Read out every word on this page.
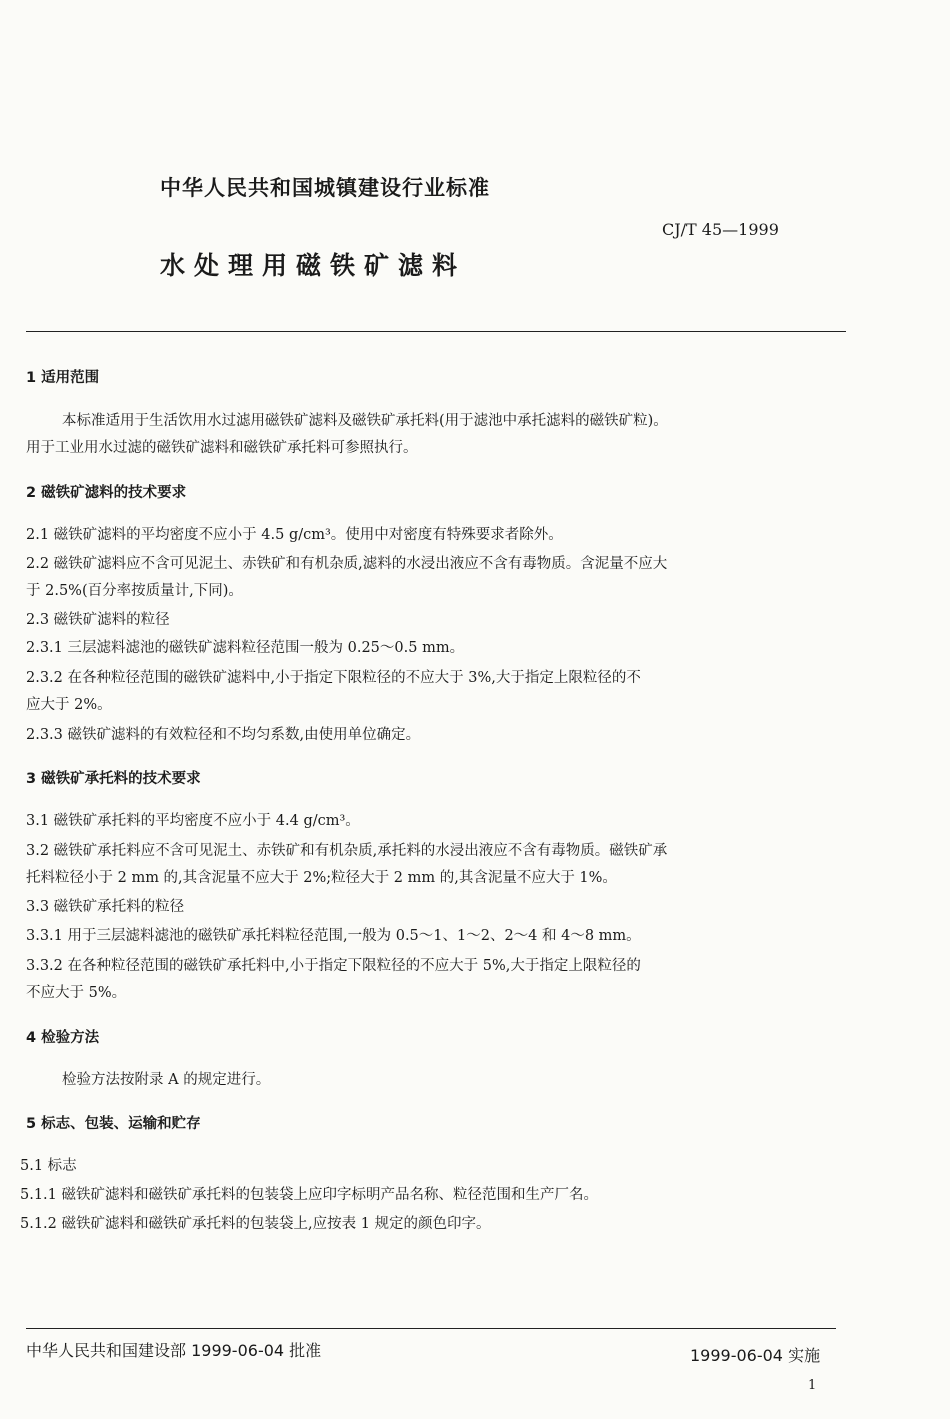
中华人民共和国城镇建设行业标准
CJ/T 45—1999
水处理用磁铁矿滤料
1 适用范围
本标准适用于生活饮用水过滤用磁铁矿滤料及磁铁矿承托料(用于滤池中承托滤料的磁铁矿粒)。
用于工业用水过滤的磁铁矿滤料和磁铁矿承托料可参照执行。
2 磁铁矿滤料的技术要求
2.1 磁铁矿滤料的平均密度不应小于 4.5 g/cm³。使用中对密度有特殊要求者除外。
2.2 磁铁矿滤料应不含可见泥土、赤铁矿和有机杂质,滤料的水浸出液应不含有毒物质。含泥量不应大
于 2.5%(百分率按质量计,下同)。
2.3 磁铁矿滤料的粒径
2.3.1 三层滤料滤池的磁铁矿滤料粒径范围一般为 0.25～0.5 mm。
2.3.2 在各种粒径范围的磁铁矿滤料中,小于指定下限粒径的不应大于 3%,大于指定上限粒径的不
应大于 2%。
2.3.3 磁铁矿滤料的有效粒径和不均匀系数,由使用单位确定。
3 磁铁矿承托料的技术要求
3.1 磁铁矿承托料的平均密度不应小于 4.4 g/cm³。
3.2 磁铁矿承托料应不含可见泥土、赤铁矿和有机杂质,承托料的水浸出液应不含有毒物质。磁铁矿承
托料粒径小于 2 mm 的,其含泥量不应大于 2%;粒径大于 2 mm 的,其含泥量不应大于 1%。
3.3 磁铁矿承托料的粒径
3.3.1 用于三层滤料滤池的磁铁矿承托料粒径范围,一般为 0.5～1、1～2、2～4 和 4～8 mm。
3.3.2 在各种粒径范围的磁铁矿承托料中,小于指定下限粒径的不应大于 5%,大于指定上限粒径的
不应大于 5%。
4 检验方法
检验方法按附录 A 的规定进行。
5 标志、包装、运输和贮存
5.1 标志
5.1.1 磁铁矿滤料和磁铁矿承托料的包装袋上应印字标明产品名称、粒径范围和生产厂名。
5.1.2 磁铁矿滤料和磁铁矿承托料的包装袋上,应按表 1 规定的颜色印字。
中华人民共和国建设部 1999-06-04 批准	1999-06-04 实施
1
